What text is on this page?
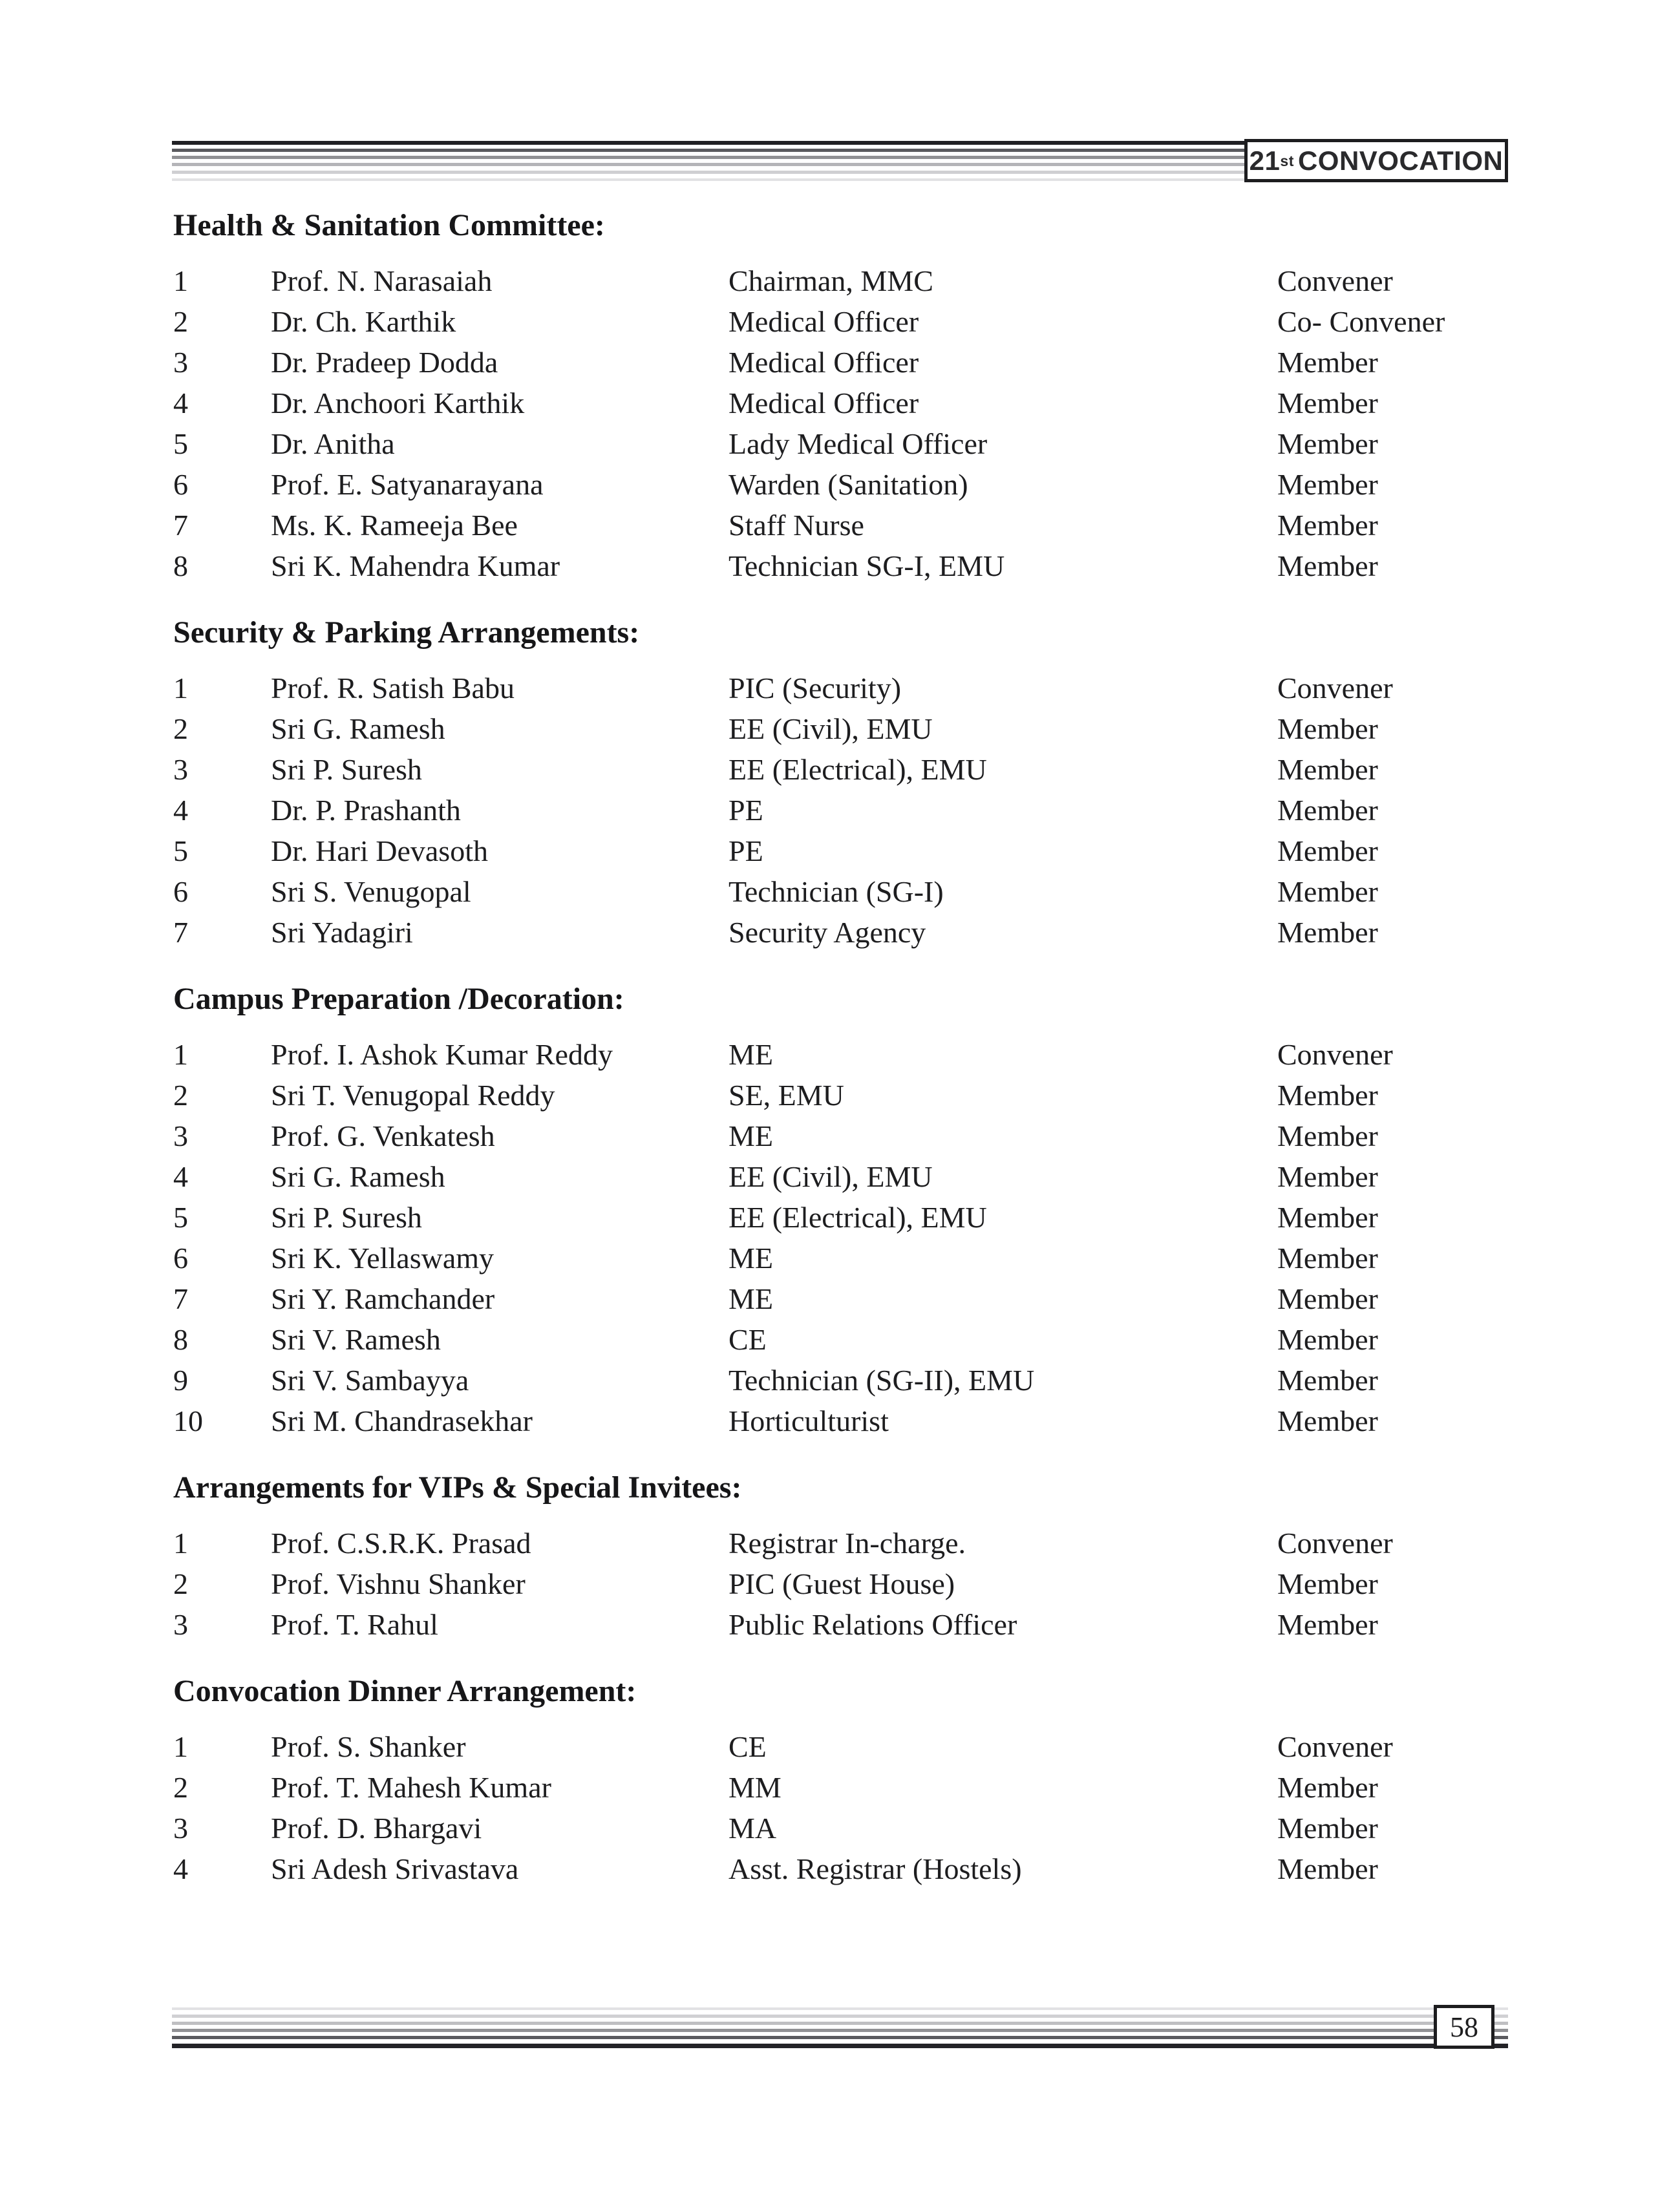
21 st CONVOCATION
Health & Sanitation Committee:
1	Prof. N. Narasaiah	Chairman, MMC	Convener
2	Dr. Ch. Karthik	Medical Officer	Co- Convener
3	Dr. Pradeep Dodda	Medical Officer	Member
4	Dr. Anchoori Karthik	Medical Officer	Member
5	Dr. Anitha	Lady Medical Officer	Member
6	Prof. E. Satyanarayana	Warden (Sanitation)	Member
7	Ms. K. Rameeja Bee	Staff Nurse	Member
8	Sri K. Mahendra Kumar	Technician SG-I, EMU	Member
Security & Parking Arrangements:
1	Prof. R. Satish Babu	PIC (Security)	Convener
2	Sri G. Ramesh	EE (Civil), EMU	Member
3	Sri P. Suresh	EE (Electrical), EMU	Member
4	Dr. P. Prashanth	PE	Member
5	Dr. Hari Devasoth	PE	Member
6	Sri S. Venugopal	Technician (SG-I)	Member
7	Sri Yadagiri	Security Agency	Member
Campus Preparation /Decoration:
1	Prof. I. Ashok Kumar Reddy	ME	Convener
2	Sri T. Venugopal Reddy	SE, EMU	Member
3	Prof. G. Venkatesh	ME	Member
4	Sri G. Ramesh	EE (Civil), EMU	Member
5	Sri P. Suresh	EE (Electrical), EMU	Member
6	Sri K. Yellaswamy	ME	Member
7	Sri Y. Ramchander	ME	Member
8	Sri V. Ramesh	CE	Member
9	Sri V. Sambayya	Technician (SG-II), EMU	Member
10 Sri M. Chandrasekhar	Horticulturist	Member
Arrangements for VIPs & Special Invitees:
1	Prof. C.S.R.K. Prasad	Registrar In-charge.	Convener
2	Prof. Vishnu Shanker	PIC (Guest House)	Member
3	Prof. T. Rahul	Public Relations Officer	Member
Convocation Dinner Arrangement:
1	Prof. S. Shanker	CE	Convener
2	Prof. T. Mahesh Kumar	MM	Member
3	Prof. D. Bhargavi	MA	Member
4	Sri Adesh Srivastava	Asst. Registrar (Hostels)	Member
58
